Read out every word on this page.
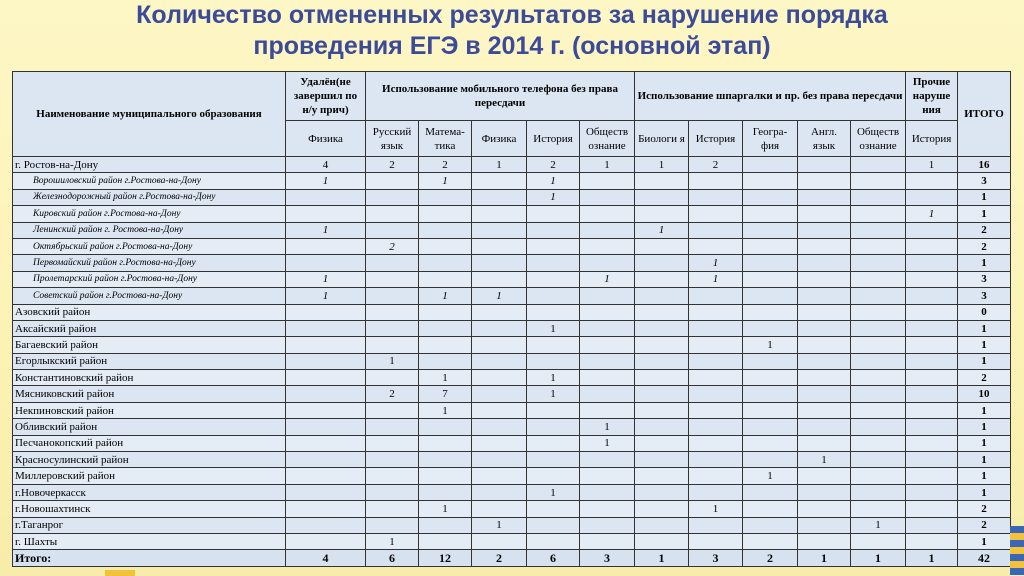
Количество отмененных результатов за нарушение порядка
проведения ЕГЭ в 2014 г. (основной этап)
Наименование муниципального образования	Удалён(не завершил по н/у прич)	Использование мобильного телефона без права пересдачи					Использование шпаргалки и пр. без права пересдачи					Прочие наруше ния	ИТОГО
	Физика	Русский язык	Матема- тика	Физика	История	Обществ ознание	Биологи я	История	Геогра- фия	Англ. язык	Обществ ознание	История	
г. Ростов-на-Дону	4	2	2	1	2	1	1	2				1	16
Ворошиловский район г.Ростова-на-Дону	1		1		1								3
Железнодорожный район г.Ростова-на-Дону					1								1
Кировский район г.Ростова-на-Дону												1	1
Ленинский район г. Ростова-на-Дону	1						1						2
Октябрьский район г.Ростова-на-Дону		2											2
Первомайский район г.Ростова-на-Дону								1					1
Пролетарский район г.Ростова-на-Дону	1					1		1					3
Советский район г.Ростова-на-Дону	1		1	1									3
Азовский район													0
Аксайский район					1								1
Багаевский район									1				1
Егорлыкский район		1											1
Константиновский район			1		1								2
Мясниковский район		2	7		1								10
Некпиновский район			1										1
Обливский район						1							1
Песчанокопский район						1							1
Красносулинский район										1			1
Миллеровский район									1				1
г.Новочеркасск					1								1
г.Новошахтинск			1					1					2
г.Таганрог				1							1		2
г. Шахты		1											1
Итого:	4	6	12	2	6	3	1	3	2	1	1	1	42
